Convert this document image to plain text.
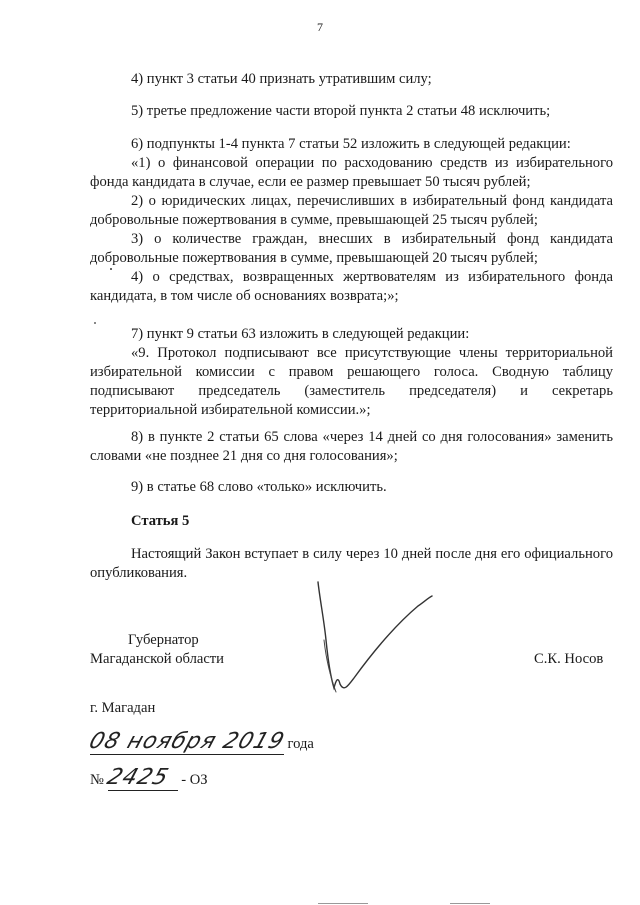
7

4) пункт 3 статьи 40 признать утратившим силу;

5) третье предложение части второй пункта 2 статьи 48 исключить;

6) подпункты 1-4 пункта 7 статьи 52 изложить в следующей редакции:

«1) о финансовой операции по расходованию средств из избирательного фонда кандидата в случае, если ее размер превышает 50 тысяч рублей;

2) о юридических лицах, перечисливших в избирательный фонд кандидата добровольные пожертвования в сумме, превышающей 25 тысяч рублей;

3) о количестве граждан, внесших в избирательный фонд кандидата добровольные пожертвования в сумме, превышающей 20 тысяч рублей;

4) о средствах, возвращенных жертвователям из избирательного фонда кандидата, в том числе об основаниях возврата;»;

7) пункт 9 статьи 63 изложить в следующей редакции:

«9. Протокол подписывают все присутствующие члены территориальной избирательной комиссии с правом решающего голоса. Сводную таблицу подписывают председатель (заместитель председателя) и секретарь территориальной избирательной комиссии.»;

8) в пункте 2 статьи 65 слова «через 14 дней со дня голосования» заменить словами «не позднее 21 дня со дня голосования»;

9) в статье 68 слово «только» исключить.

Статья 5

Настоящий Закон вступает в силу через 10 дней после дня его официального опубликования.

Губернатор
Магаданской области	С.К. Носов
г. Магадан
08 ноября 2019 года
№ 2425 - ОЗ
